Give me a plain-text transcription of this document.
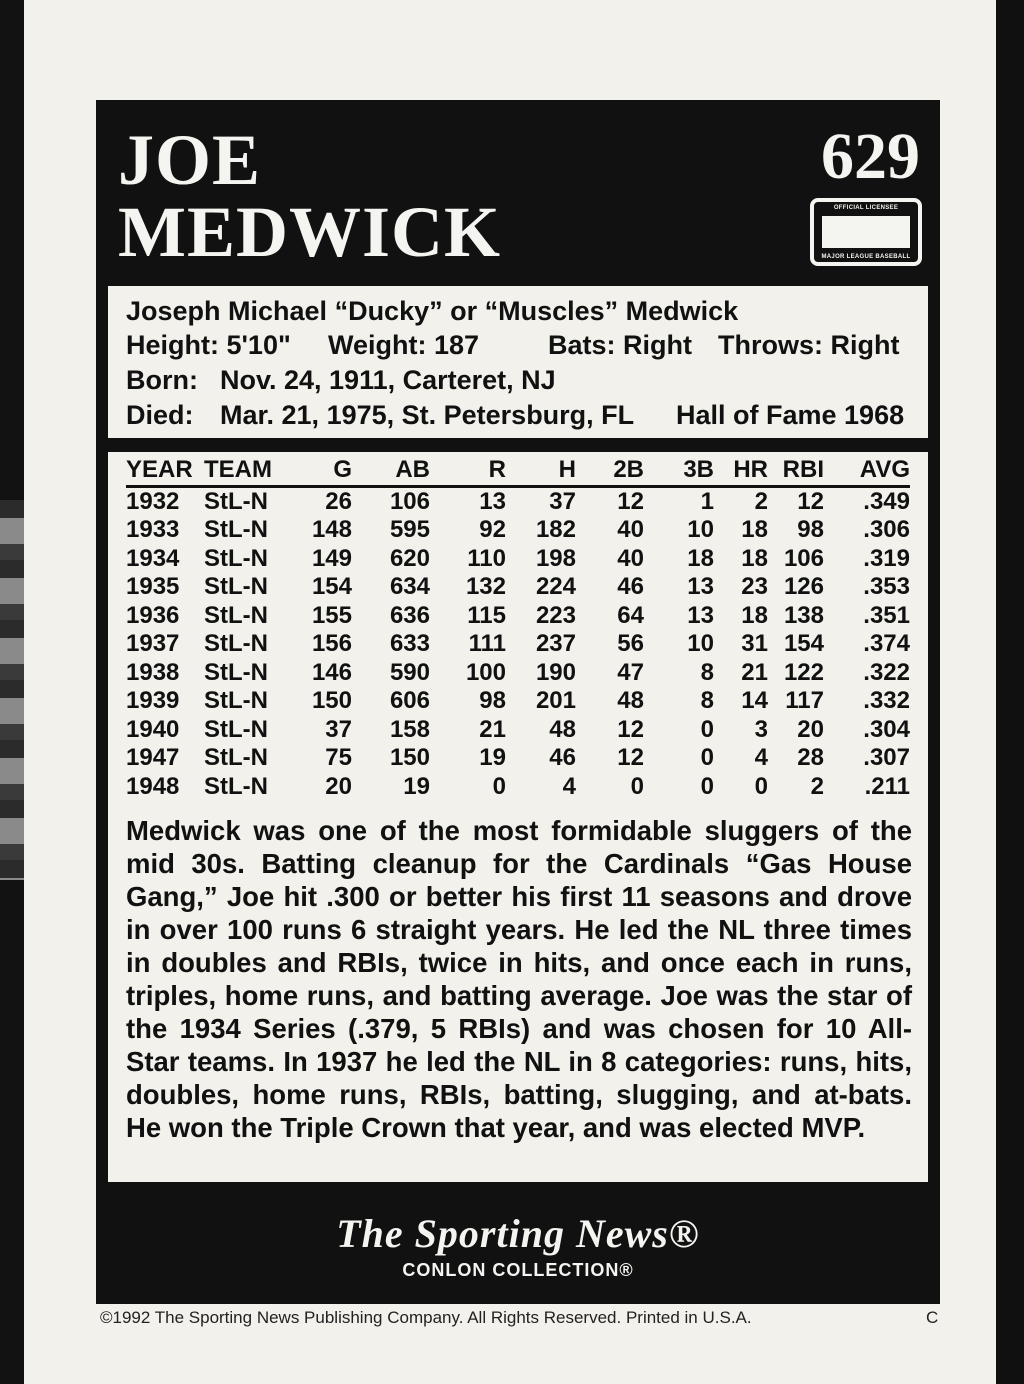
JOE
MEDWICK
629
OFFICIAL LICENSEE
MAJOR LEAGUE BASEBALL
Joseph Michael “Ducky” or “Muscles” Medwick
Height: 5'10" Weight: 187	Bats: Right Throws: Right
Born: Nov. 24, 1911, Carteret, NJ
Died: Mar. 21, 1975, St. Petersburg, FL Hall of Fame 1968
YEAR	TEAM	G	AB	R	H	2B	3B	HR	RBI	AVG
1932	StL-N	26	106	13	37	12	1	2	12	.349
1933	StL-N	148	595	92	182	40	10	18	98	.306
1934	StL-N	149	620	110	198	40	18	18	106	.319
1935	StL-N	154	634	132	224	46	13	23	126	.353
1936	StL-N	155	636	115	223	64	13	18	138	.351
1937	StL-N	156	633	111	237	56	10	31	154	.374
1938	StL-N	146	590	100	190	47	8	21	122	.322
1939	StL-N	150	606	98	201	48	8	14	117	.332
1940	StL-N	37	158	21	48	12	0	3	20	.304
1947	StL-N	75	150	19	46	12	0	4	28	.307
1948	StL-N	20	19	0	4	0	0	0	2	.211
Medwick was one of the most formidable sluggers of the mid 30s. Batting cleanup for the Cardinals “Gas House Gang,” Joe hit .300 or better his first 11 seasons and drove in over 100 runs 6 straight years. He led the NL three times in doubles and RBIs, twice in hits, and once each in runs, triples, home runs, and batting average. Joe was the star of the 1934 Series (.379, 5 RBIs) and was chosen for 10 All-Star teams. In 1937 he led the NL in 8 categories: runs, hits, doubles, home runs, RBIs, batting, slugging, and at-bats. He won the Triple Crown that year, and was elected MVP.
The Sporting News®
CONLON COLLECTION®
©1992 The Sporting News Publishing Company. All Rights Reserved. Printed in U.S.A.	C
